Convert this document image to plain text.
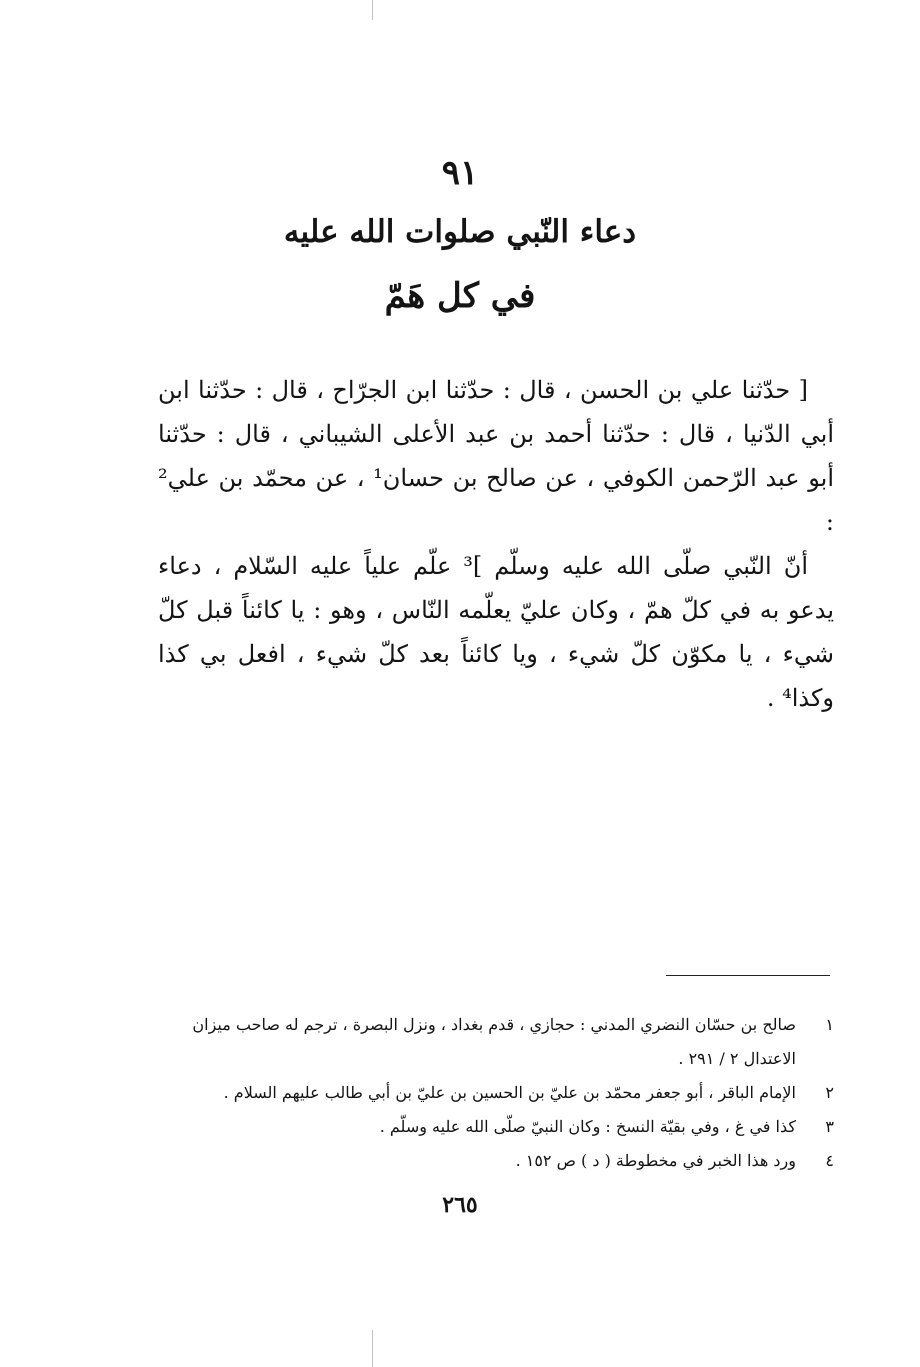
٩١
دعاء النّبي صلوات الله عليه
في كل هَمّ

[ حدّثنا علي بن الحسن ، قال : حدّثنا ابن الجرّاح ، قال : حدّثنا ابن أبي الدّنيا ، قال : حدّثنا أحمد بن عبد الأعلى الشيباني ، قال : حدّثنا أبو عبد الرّحمن الكوفي ، عن صالح بن حسان¹ ، عن محمّد بن علي² :

أنّ النّبي صلّى الله عليه وسلّم ]³ علّم علياً عليه السّلام ، دعاء يدعو به في كلّ همّ ، وكان عليّ يعلّمه النّاس ، وهو : يا كائناً قبل كلّ شيء ، يا مكوّن كلّ شيء ، ويا كائناً بعد كلّ شيء ، افعل بي كذا وكذا⁴ .

١
صالح بن حسّان النضري المدني : حجازي ، قدم بغداد ، ونزل البصرة ، ترجم له صاحب ميزان الاعتدال ٢ / ٢٩١ .
٢
الإمام الباقر ، أبو جعفر محمّد بن عليّ بن الحسين بن عليّ بن أبي طالب عليهم السلام .
٣
كذا في غ ، وفي بقيّة النسخ : وكان النبيّ صلّى الله عليه وسلّم .
٤
ورد هذا الخبر في مخطوطة ( د ) ص ١٥٢ .
٢٦٥
